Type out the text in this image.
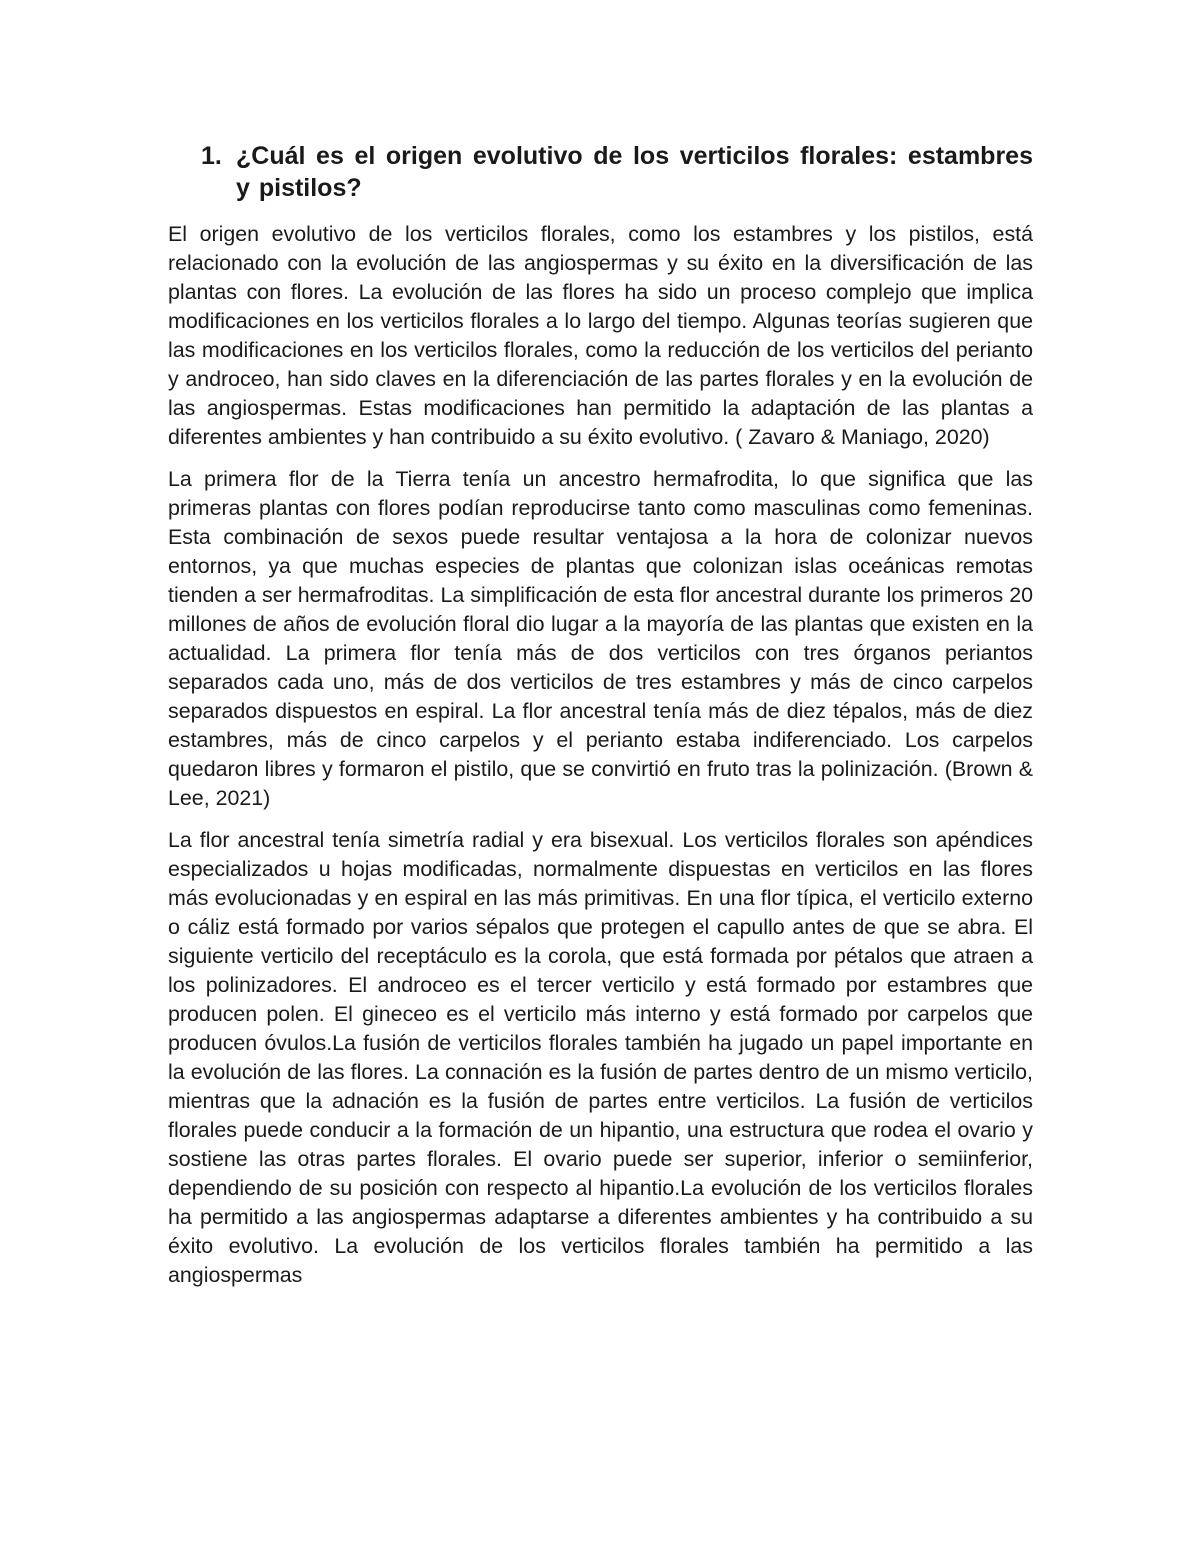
1. ¿Cuál es el origen evolutivo de los verticilos florales: estambres y pistilos?

El origen evolutivo de los verticilos florales, como los estambres y los pistilos, está relacionado con la evolución de las angiospermas y su éxito en la diversificación de las plantas con flores. La evolución de las flores ha sido un proceso complejo que implica modificaciones en los verticilos florales a lo largo del tiempo. Algunas teorías sugieren que las modificaciones en los verticilos florales, como la reducción de los verticilos del perianto y androceo, han sido claves en la diferenciación de las partes florales y en la evolución de las angiospermas. Estas modificaciones han permitido la adaptación de las plantas a diferentes ambientes y han contribuido a su éxito evolutivo. ( Zavaro & Maniago, 2020)

La primera flor de la Tierra tenía un ancestro hermafrodita, lo que significa que las primeras plantas con flores podían reproducirse tanto como masculinas como femeninas. Esta combinación de sexos puede resultar ventajosa a la hora de colonizar nuevos entornos, ya que muchas especies de plantas que colonizan islas oceánicas remotas tienden a ser hermafroditas. La simplificación de esta flor ancestral durante los primeros 20 millones de años de evolución floral dio lugar a la mayoría de las plantas que existen en la actualidad. La primera flor tenía más de dos verticilos con tres órganos periantos separados cada uno, más de dos verticilos de tres estambres y más de cinco carpelos separados dispuestos en espiral. La flor ancestral tenía más de diez tépalos, más de diez estambres, más de cinco carpelos y el perianto estaba indiferenciado. Los carpelos quedaron libres y formaron el pistilo, que se convirtió en fruto tras la polinización. (Brown & Lee, 2021)

La flor ancestral tenía simetría radial y era bisexual. Los verticilos florales son apéndices especializados u hojas modificadas, normalmente dispuestas en verticilos en las flores más evolucionadas y en espiral en las más primitivas. En una flor típica, el verticilo externo o cáliz está formado por varios sépalos que protegen el capullo antes de que se abra. El siguiente verticilo del receptáculo es la corola, que está formada por pétalos que atraen a los polinizadores. El androceo es el tercer verticilo y está formado por estambres que producen polen. El gineceo es el verticilo más interno y está formado por carpelos que producen óvulos.La fusión de verticilos florales también ha jugado un papel importante en la evolución de las flores. La connación es la fusión de partes dentro de un mismo verticilo, mientras que la adnación es la fusión de partes entre verticilos. La fusión de verticilos florales puede conducir a la formación de un hipantio, una estructura que rodea el ovario y sostiene las otras partes florales. El ovario puede ser superior, inferior o semiinferior, dependiendo de su posición con respecto al hipantio.La evolución de los verticilos florales ha permitido a las angiospermas adaptarse a diferentes ambientes y ha contribuido a su éxito evolutivo. La evolución de los verticilos florales también ha permitido a las angiospermas
